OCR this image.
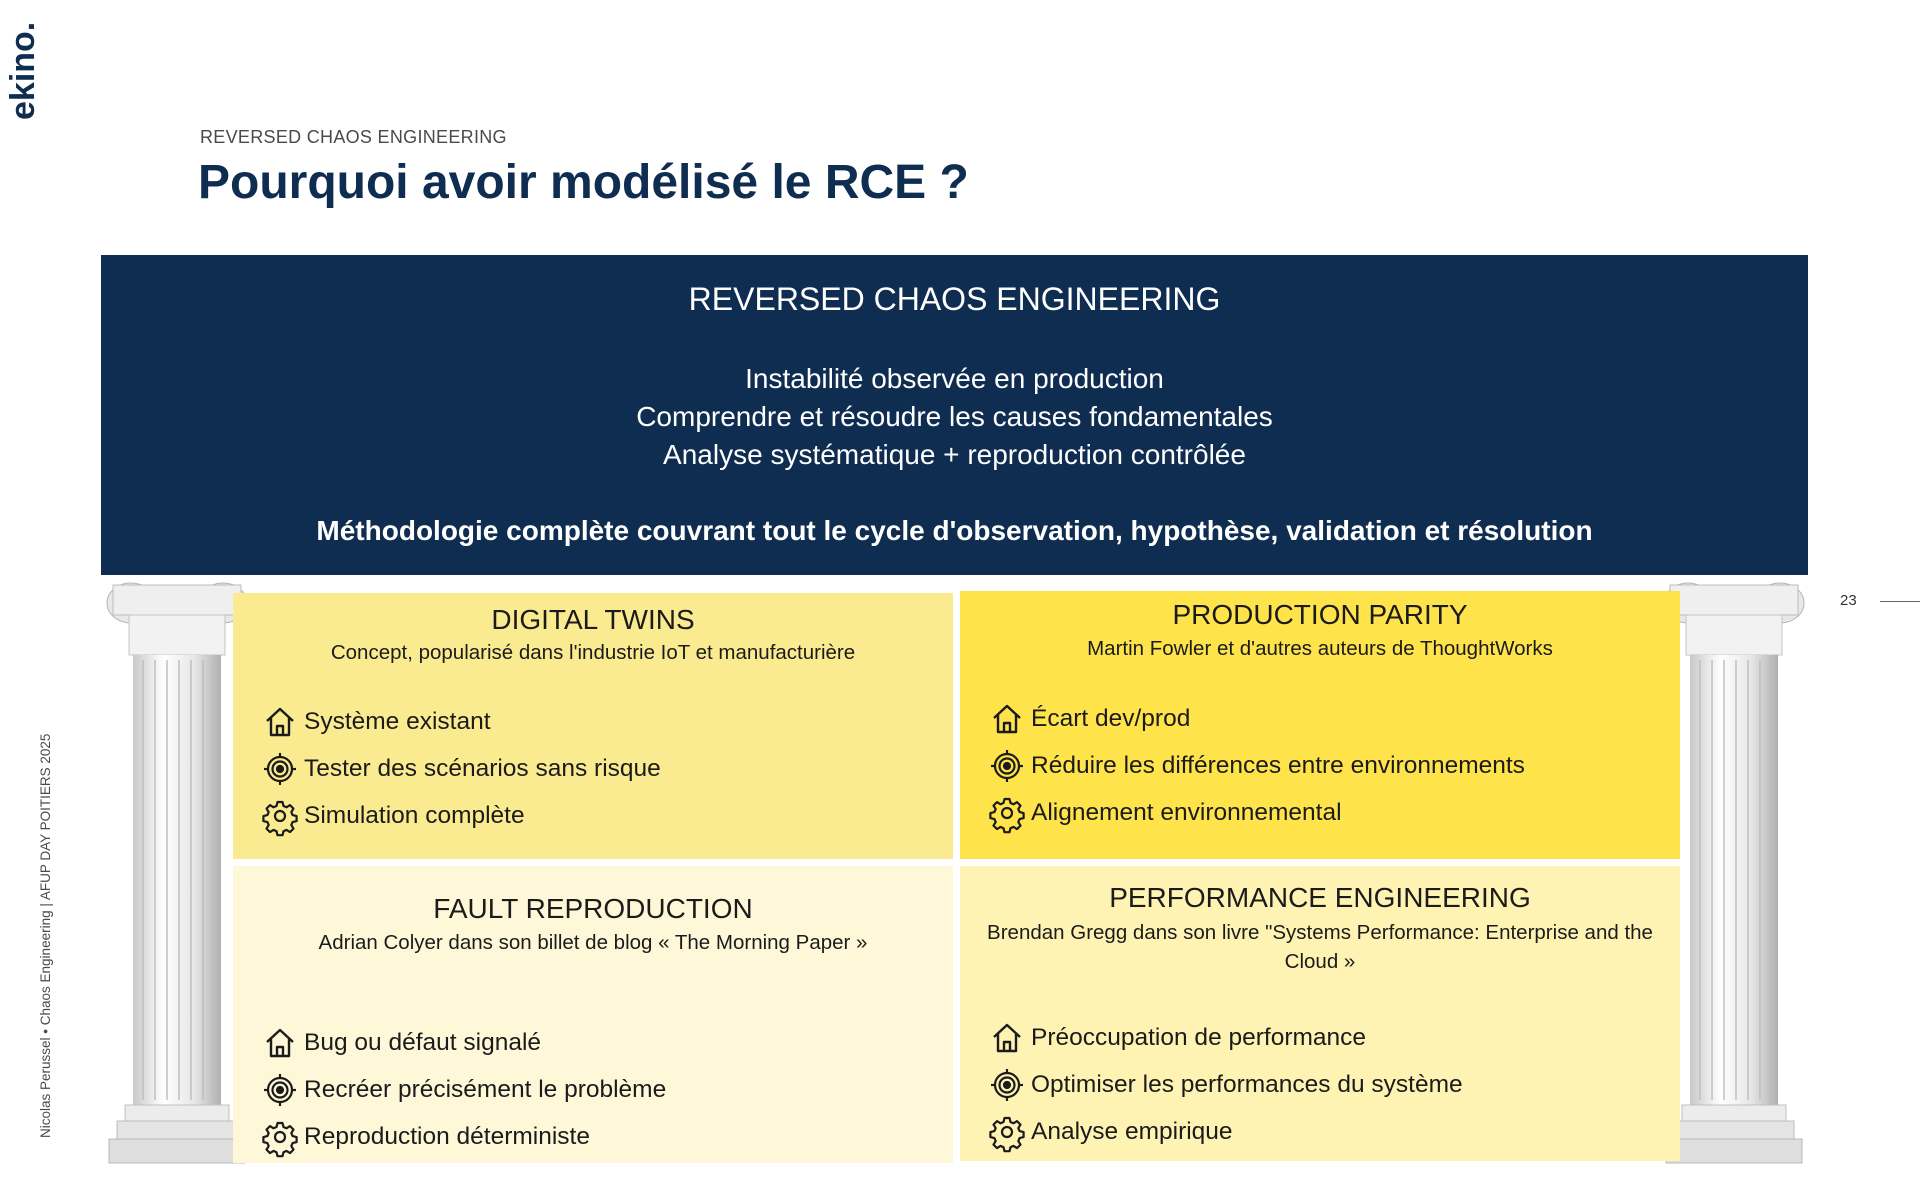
ekino.
REVERSED CHAOS ENGINEERING
Pourquoi avoir modélisé le RCE ?
23
Nicolas Perussel • Chaos Engineering | AFUP DAY POITIERS 2025
REVERSED CHAOS ENGINEERING
Instabilité observée en production
Comprendre et résoudre les causes fondamentales
Analyse systématique + reproduction contrôlée
Méthodologie complète couvrant tout le cycle d'observation, hypothèse, validation et résolution
DIGITAL TWINS
Concept, popularisé dans l'industrie IoT et manufacturière
Système existant
Tester des scénarios sans risque
Simulation complète
PRODUCTION PARITY
Martin Fowler et d'autres auteurs de ThoughtWorks
Écart dev/prod
Réduire les différences entre environnements
Alignement environnemental
FAULT REPRODUCTION
Adrian Colyer dans son billet de blog « The Morning Paper »
Bug ou défaut signalé
Recréer précisément le problème
Reproduction déterministe
PERFORMANCE ENGINEERING
Brendan Gregg dans son livre "Systems Performance: Enterprise and the Cloud »
Préoccupation de performance
Optimiser les performances du système
Analyse empirique
